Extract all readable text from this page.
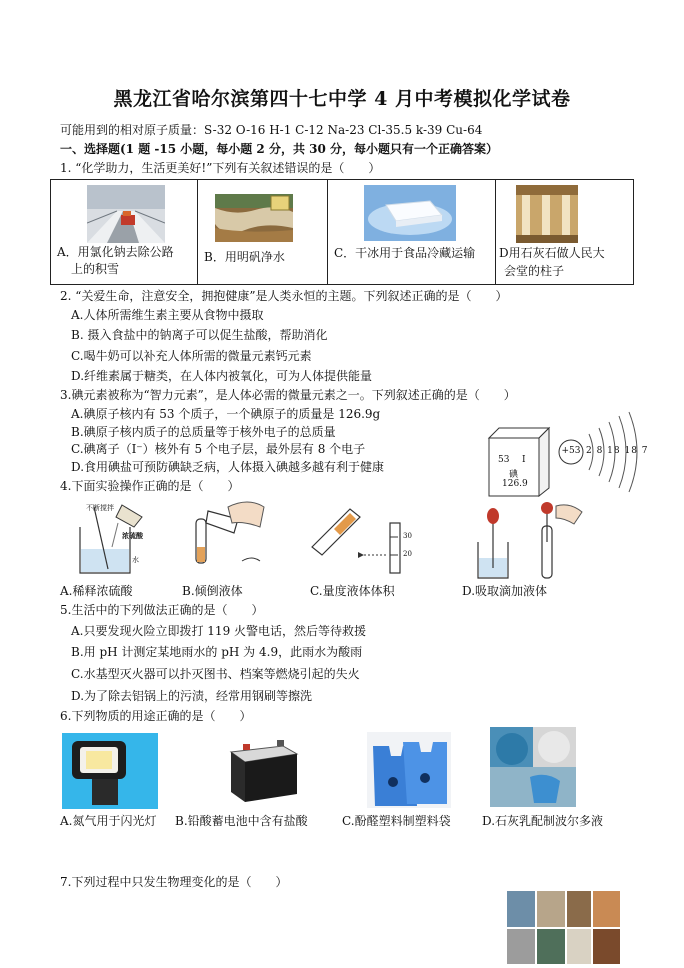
黑龙江省哈尔滨第四十七中学 4 月中考模拟化学试卷
可能用到的相对原子质量：S-32 O-16 H-1 C-12 Na-23 Cl-35.5 k-39 Cu-64
一、选择题(1 题 -15 小题，每小题 2 分，共 30 分，每小题只有一个正确答案）
1. “化学助力，生活更美好!”下列有关叙述错误的是（　　）
A．用氯化钠去除公路
上的积雪
B．用明矾净水	C．干冰用于食品冷藏运输 D用石灰石做人民大
会堂的柱子
2. “关爱生命，注意安全，拥抱健康”是人类永恒的主题。下列叙述正确的是（　　）
A.人体所需维生素主要从食物中摄取
B. 摄入食盐中的钠离子可以促生盐酸，帮助消化
C.喝牛奶可以补充人体所需的微量元素钙元素
D.纤维素属于糖类，在人体内被氧化，可为人体提供能量
3.碘元素被称为“智力元素”，是人体必需的微量元素之一。下列叙述正确的是（　　）
A.碘原子核内有 53 个质子，一个碘原子的质量是 126.9g
B.碘原子核内质子的总质量等于核外电子的总质量
C.碘离子（I⁻）核外有 5 个电子层，最外层有 8 个电子
D.食用碘盐可预防碘缺乏病，人体摄入碘越多越有利于健康	53 I
碘
126.9
+53 2 8 18 18 7
4.下面实验操作正确的是（　　）
不断搅拌
浓硫酸
水
30
20
A.稀释浓硫酸	B.倾倒液体	C.量度液体体积	D.吸取滴加液体
5.生活中的下列做法正确的是（　　）
A.只要发现火险立即拨打 119 火警电话，然后等待救援
B.用 pH 计测定某地雨水的 pH 为 4.9，此雨水为酸雨
C.水基型灭火器可以扑灭图书、档案等燃烧引起的失火
D.为了除去铝锅上的污渍，经常用钢刷等擦洗
6.下列物质的用途正确的是（　　）
A.氮气用于闪光灯 B.铅酸蓄电池中含有盐酸	C.酚醛塑料制塑料袋	D.石灰乳配制波尔多液
7.下列过程中只发生物理变化的是（　　）
